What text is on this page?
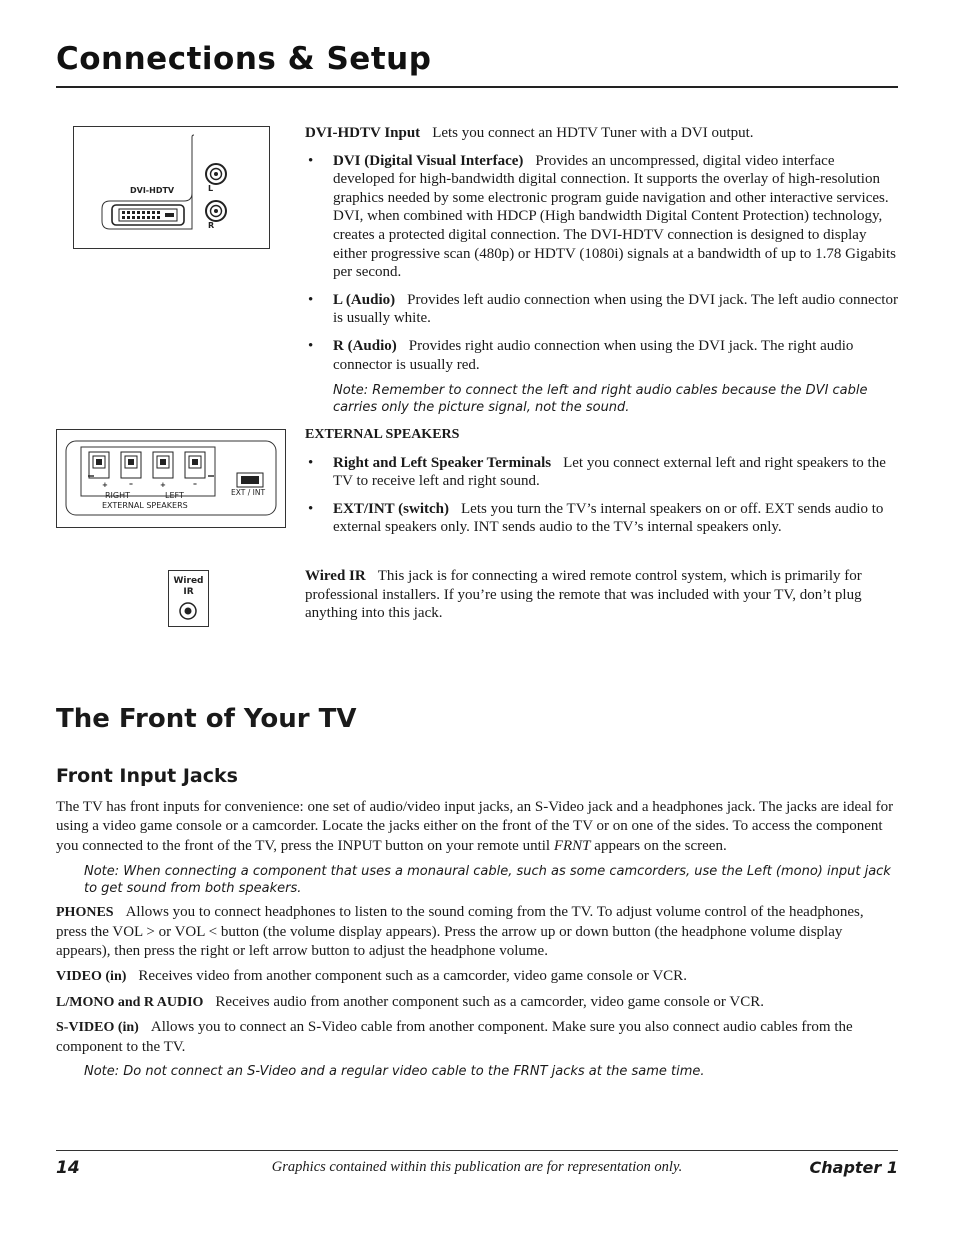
Connections & Setup
DVI-HDTV	L
R
+	–	+	–
RIGHT	LEFT
EXTERNAL SPEAKERS
EXT / INT
Wired
IR

DVI-HDTV Input Lets you connect an HDTV Tuner with a DVI output.

• DVI (Digital Visual Interface) Provides an uncompressed, digital video interface developed for high-bandwidth digital connection. It supports the overlay of high-resolution graphics needed by some electronic program guide navigation and other interactive services. DVI, when combined with HDCP (High bandwidth Digital Content Protection) technology, creates a protected digital connection. The DVI-HDTV connection is designed to display either progressive scan (480p) or HDTV (1080i) signals at a bandwidth of up to 1.78 Gigabits per second.

• L (Audio) Provides left audio connection when using the DVI jack. The left audio connector is usually white.

• R (Audio) Provides right audio connection when using the DVI jack. The right audio connector is usually red.

Note: Remember to connect the left and right audio cables because the DVI cable carries only the picture signal, not the sound.

EXTERNAL SPEAKERS

• Right and Left Speaker Terminals Let you connect external left and right speakers to the TV to receive left and right sound.

• EXT/INT (switch) Lets you turn the TV’s internal speakers on or off. EXT sends audio to external speakers only. INT sends audio to the TV’s internal speakers only.

Wired IR This jack is for connecting a wired remote control system, which is primarily for professional installers. If you’re using the remote that was included with your TV, don’t plug anything into this jack.

The Front of Your TV
Front Input Jacks

The TV has front inputs for convenience: one set of audio/video input jacks, an S-Video jack and a headphones jack. The jacks are ideal for using a video game console or a camcorder. Locate the jacks either on the front of the TV or on one of the sides. To access the component you connected to the front of the TV, press the INPUT button on your remote until FRNT appears on the screen.

Note: When connecting a component that uses a monaural cable, such as some camcorders, use the Left (mono) input jack to get sound from both speakers.

PHONES Allows you to connect headphones to listen to the sound coming from the TV. To adjust volume control of the headphones, press the VOL > or VOL < button (the volume display appears). Press the arrow up or down button (the headphone volume display appears), then press the right or left arrow button to adjust the headphone volume.

VIDEO (in) Receives video from another component such as a camcorder, video game console or VCR.

L/MONO and R AUDIO Receives audio from another component such as a camcorder, video game console or VCR.

S-VIDEO (in) Allows you to connect an S-Video cable from another component. Make sure you also connect audio cables from the component to the TV.

Note: Do not connect an S-Video and a regular video cable to the FRNT jacks at the same time.

14	Graphics contained within this publication are for representation only.	Chapter 1
